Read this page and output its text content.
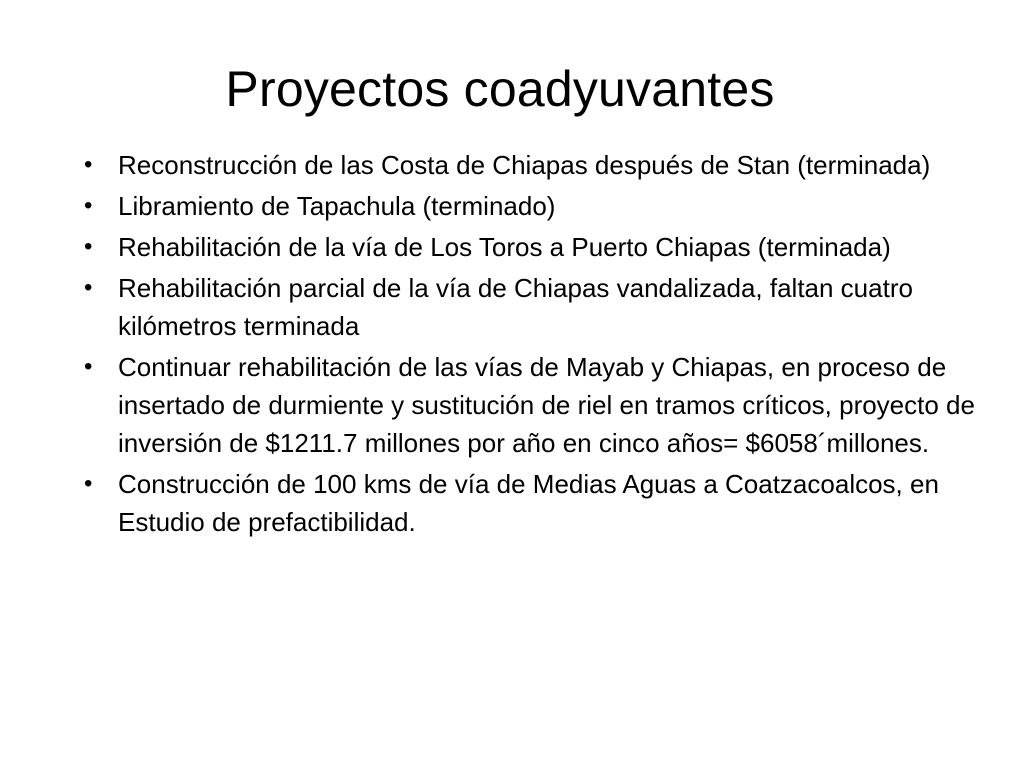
Proyectos coadyuvantes
• Reconstrucción de las Costa de Chiapas después de Stan (terminada)
• Libramiento de Tapachula (terminado)
• Rehabilitación de la vía de Los Toros a Puerto Chiapas (terminada)
• Rehabilitación parcial de la vía de Chiapas vandalizada, faltan cuatro kilómetros terminada
• Continuar rehabilitación de las vías de Mayab y Chiapas, en proceso de insertado de durmiente y sustitución de riel en tramos críticos, proyecto de inversión de $1211.7 millones por año en cinco años= $6058´millones.
• Construcción de 100 kms de vía de Medias Aguas a Coatzacoalcos, en Estudio de prefactibilidad.
